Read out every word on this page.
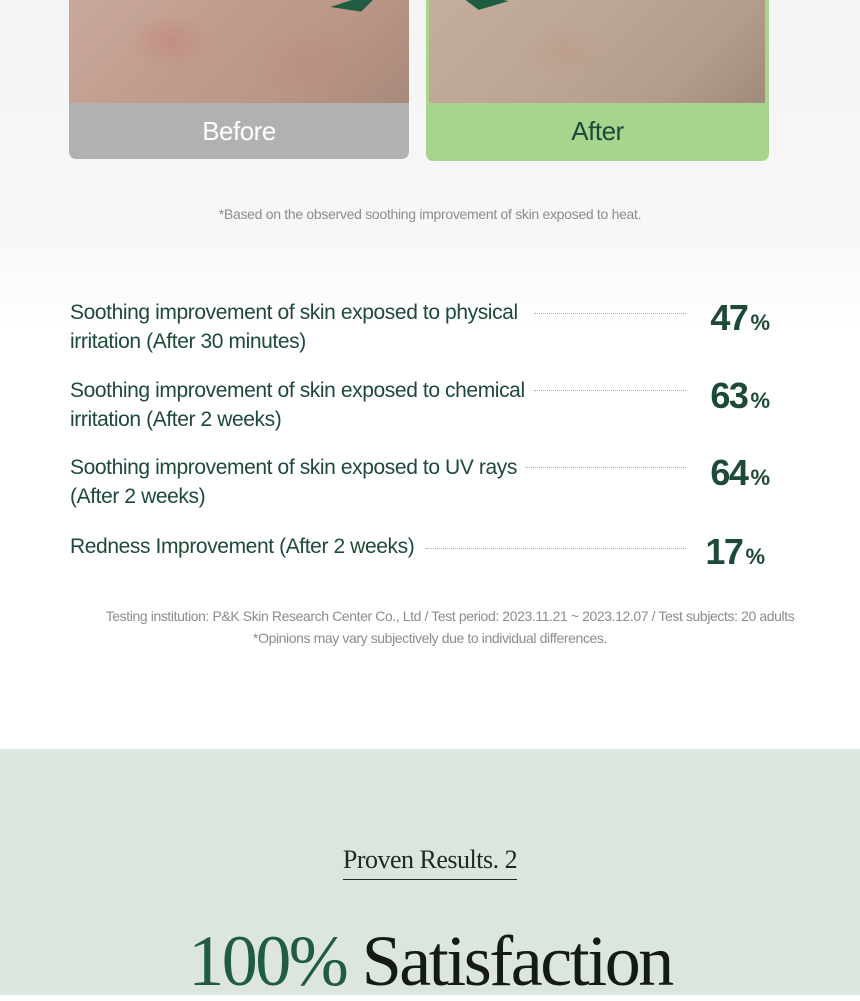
Before	After
*Based on the observed soothing improvement of skin exposed to heat.
Soothing improvement of skin exposed to physical
irritation (After 30 minutes)
47 %
Soothing improvement of skin exposed to chemical
irritation (After 2 weeks)
63 %
Soothing improvement of skin exposed to UV rays
(After 2 weeks)
64 %
Redness Improvement (After 2 weeks)	17 %
Testing institution: P&K Skin Research Center Co., Ltd / Test period: 2023.11.21 ~ 2023.12.07 / Test subjects: 20 adults
*Opinions may vary subjectively due to individual differences.
Proven Results. 2
100% Satisfaction
